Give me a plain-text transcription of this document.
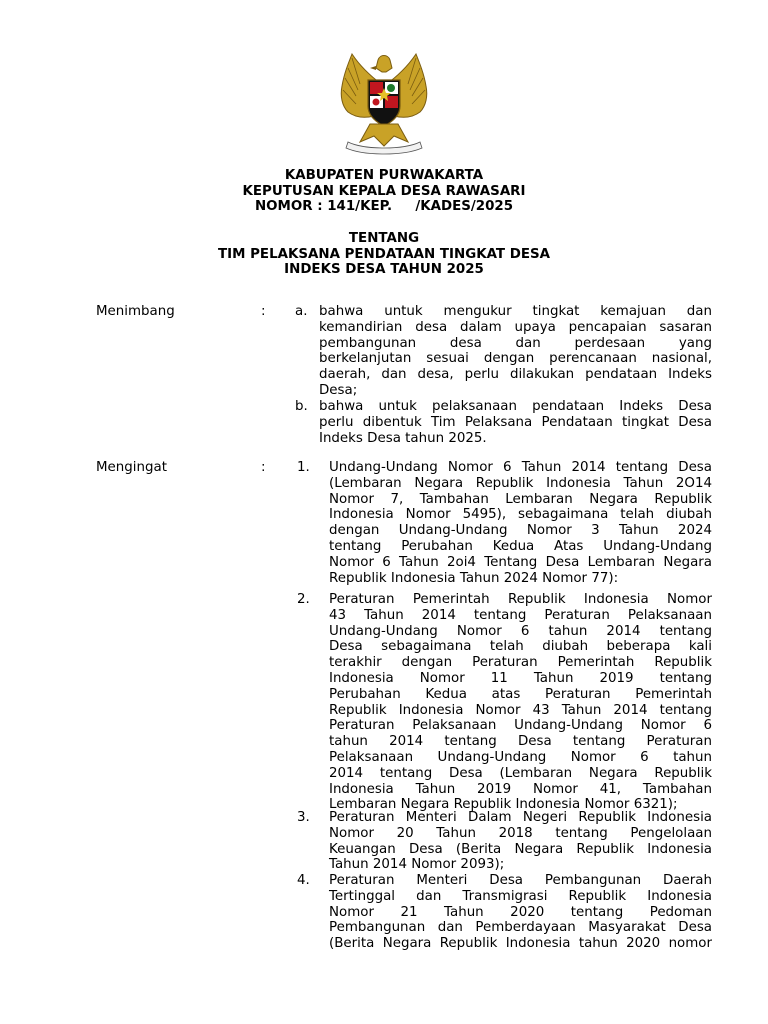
KABUPATEN PURWAKARTA
KEPUTUSAN KEPALA DESA RAWASARI
NOMOR : 141/KEP.     /KADES/2025
TENTANG
TIM PELAKSANA PENDATAAN TINGKAT DESA
INDEKS DESA TAHUN 2025
Menimbang	: a. bahwa untuk mengukur tingkat kemajuan dan
kemandirian desa dalam upaya pencapaian sasaran
pembangunan desa dan perdesaan yang
berkelanjutan sesuai dengan perencanaan nasional,
daerah, dan desa, perlu dilakukan pendataan Indeks
Desa;
b. bahwa untuk pelaksanaan pendataan Indeks Desa
perlu dibentuk Tim Pelaksana Pendataan tingkat Desa
Indeks Desa tahun 2025.
Mengingat	: 1. Undang-Undang Nomor 6 Tahun 2014 tentang Desa
(Lembaran Negara Republik Indonesia Tahun 2O14
Nomor 7, Tambahan Lembaran Negara Republik
Indonesia Nomor 5495), sebagaimana telah diubah
dengan Undang-Undang Nomor 3 Tahun 2024
tentang Perubahan Kedua Atas Undang-Undang
Nomor 6 Tahun 2oi4 Tentang Desa Lembaran Negara
Republik Indonesia Tahun 2024 Nomor 77):
2. Peraturan Pemerintah Republik Indonesia Nomor
43 Tahun 2014 tentang Peraturan Pelaksanaan
Undang-Undang Nomor 6 tahun 2014 tentang
Desa sebagaimana telah diubah beberapa kali
terakhir dengan Peraturan Pemerintah Republik
Indonesia Nomor 11 Tahun 2019 tentang
Perubahan Kedua atas Peraturan Pemerintah
Republik Indonesia Nomor 43 Tahun 2014 tentang
Peraturan Pelaksanaan Undang-Undang Nomor 6
tahun 2014 tentang Desa tentang Peraturan
Pelaksanaan Undang-Undang Nomor 6 tahun
2014 tentang Desa (Lembaran Negara Republik
Indonesia Tahun 2019 Nomor 41, Tambahan
Lembaran Negara Republik Indonesia Nomor 6321);
3. Peraturan Menteri Dalam Negeri Republik Indonesia
Nomor 20 Tahun 2018 tentang Pengelolaan
Keuangan Desa (Berita Negara Republik Indonesia
Tahun 2014 Nomor 2093);
4. Peraturan Menteri Desa Pembangunan Daerah
Tertinggal dan Transmigrasi Republik Indonesia
Nomor 21 Tahun 2020 tentang Pedoman
Pembangunan dan Pemberdayaan Masyarakat Desa
(Berita Negara Republik Indonesia tahun 2020 nomor
